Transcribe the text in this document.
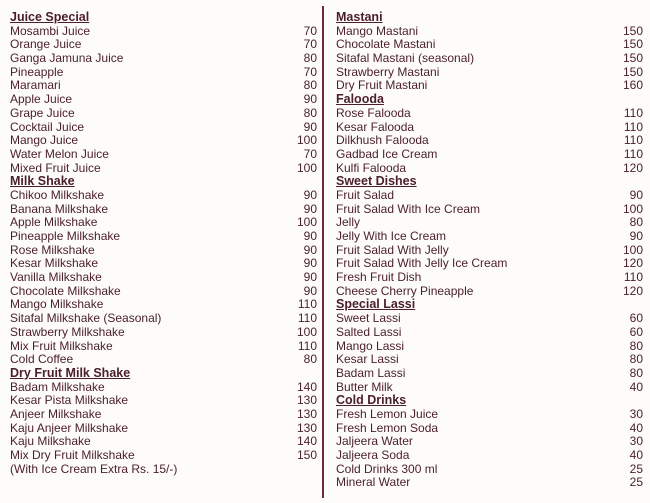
Juice Special
Mosambi Juice	70
Orange Juice	70
Ganga Jamuna Juice	80
Pineapple	70
Maramari	80
Apple Juice	90
Grape Juice	80
Cocktail Juice	90
Mango Juice	100
Water Melon Juice	70
Mixed Fruit Juice	100
Milk Shake
Chikoo Milkshake	90
Banana Milkshake	90
Apple Milkshake	100
Pineapple Milkshake	90
Rose Milkshake	90
Kesar Milkshake	90
Vanilla Milkshake	90
Chocolate Milkshake	90
Mango Milkshake	110
Sitafal Milkshake (Seasonal)	110
Strawberry Milkshake	100
Mix Fruit Milkshake	110
Cold Coffee	80
Dry Fruit Milk Shake
Badam Milkshake	140
Kesar Pista Milkshake	130
Anjeer Milkshake	130
Kaju Anjeer Milkshake	130
Kaju Milkshake	140
Mix Dry Fruit Milkshake	150
(With Ice Cream Extra Rs. 15/-)
Mastani
Mango Mastani	150
Chocolate Mastani	150
Sitafal Mastani (seasonal)	150
Strawberry Mastani	150
Dry Fruit Mastani	160
Falooda
Rose Falooda	110
Kesar Falooda	110
Dilkhush Falooda	110
Gadbad Ice Cream	110
Kulfi Falooda	120
Sweet Dishes
Fruit Salad	90
Fruit Salad With Ice Cream	100
Jelly	80
Jelly With Ice Cream	90
Fruit Salad With Jelly	100
Fruit Salad With Jelly Ice Cream	120
Fresh Fruit Dish	110
Cheese Cherry Pineapple	120
Special Lassi
Sweet Lassi	60
Salted Lassi	60
Mango Lassi	80
Kesar Lassi	80
Badam Lassi	80
Butter Milk	40
Cold Drinks
Fresh Lemon Juice	30
Fresh Lemon Soda	40
Jaljeera Water	30
Jaljeera Soda	40
Cold Drinks 300 ml	25
Mineral Water	25
